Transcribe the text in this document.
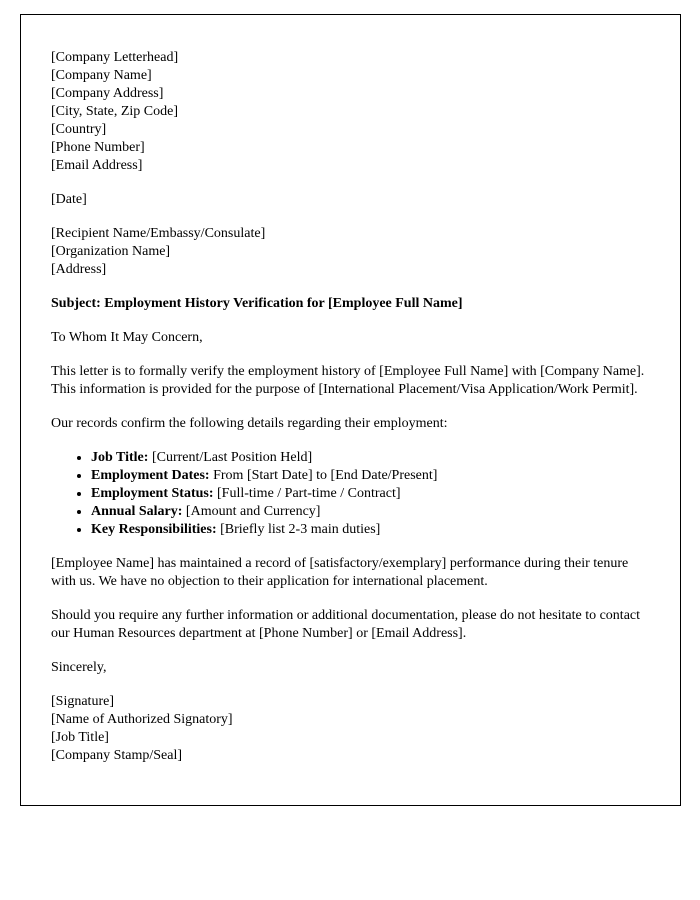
[Company Letterhead]
[Company Name]
[Company Address]
[City, State, Zip Code]
[Country]
[Phone Number]
[Email Address]
[Date]
[Recipient Name/Embassy/Consulate]
[Organization Name]
[Address]
Subject: Employment History Verification for [Employee Full Name]
To Whom It May Concern,
This letter is to formally verify the employment history of [Employee Full Name] with [Company Name]. This information is provided for the purpose of [International Placement/Visa Application/Work Permit].
Our records confirm the following details regarding their employment:
• Job Title: [Current/Last Position Held]
• Employment Dates: From [Start Date] to [End Date/Present]
• Employment Status: [Full-time / Part-time / Contract]
• Annual Salary: [Amount and Currency]
• Key Responsibilities: [Briefly list 2-3 main duties]
[Employee Name] has maintained a record of [satisfactory/exemplary] performance during their tenure with us. We have no objection to their application for international placement.
Should you require any further information or additional documentation, please do not hesitate to contact our Human Resources department at [Phone Number] or [Email Address].
Sincerely,
[Signature]
[Name of Authorized Signatory]
[Job Title]
[Company Stamp/Seal]
